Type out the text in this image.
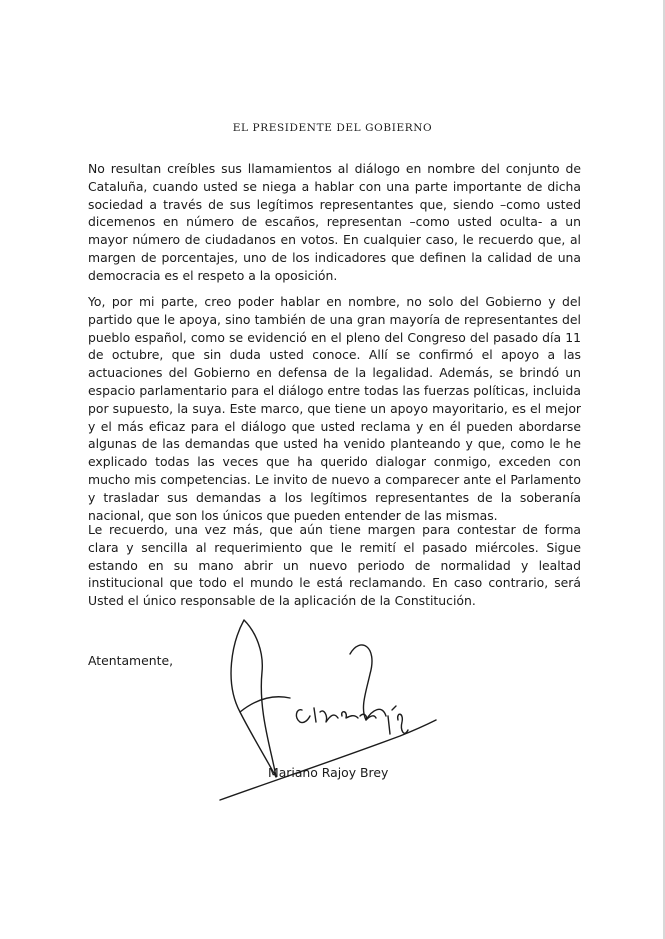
EL PRESIDENTE DEL GOBIERNO

No resultan creíbles sus llamamientos al diálogo en nombre del conjunto de Cataluña, cuando usted se niega a hablar con una parte importante de dicha sociedad a través de sus legítimos representantes que, siendo –como usted dicemenos en número de escaños, representan –como usted oculta- a un mayor número de ciudadanos en votos. En cualquier caso, le recuerdo que, al margen de porcentajes, uno de los indicadores que definen la calidad de una democracia es el respeto a la oposición.

Yo, por mi parte, creo poder hablar en nombre, no solo del Gobierno y del partido que le apoya, sino también de una gran mayoría de representantes del pueblo español, como se evidenció en el pleno del Congreso del pasado día 11 de octubre, que sin duda usted conoce. Allí se confirmó el apoyo a las actuaciones del Gobierno en defensa de la legalidad. Además, se brindó un espacio parlamentario para el diálogo entre todas las fuerzas políticas, incluida por supuesto, la suya. Este marco, que tiene un apoyo mayoritario, es el mejor y el más eficaz para el diálogo que usted reclama y en él pueden abordarse algunas de las demandas que usted ha venido planteando y que, como le he explicado todas las veces que ha querido dialogar conmigo, exceden con mucho mis competencias. Le invito de nuevo a comparecer ante el Parlamento y trasladar sus demandas a los legítimos representantes de la soberanía nacional, que son los únicos que pueden entender de las mismas.

Le recuerdo, una vez más, que aún tiene margen para contestar de forma clara y sencilla al requerimiento que le remití el pasado miércoles. Sigue estando en su mano abrir un nuevo periodo de normalidad y lealtad institucional que todo el mundo le está reclamando. En caso contrario, será Usted el único responsable de la aplicación de la Constitución.

Atentamente,

Mariano Rajoy Brey
